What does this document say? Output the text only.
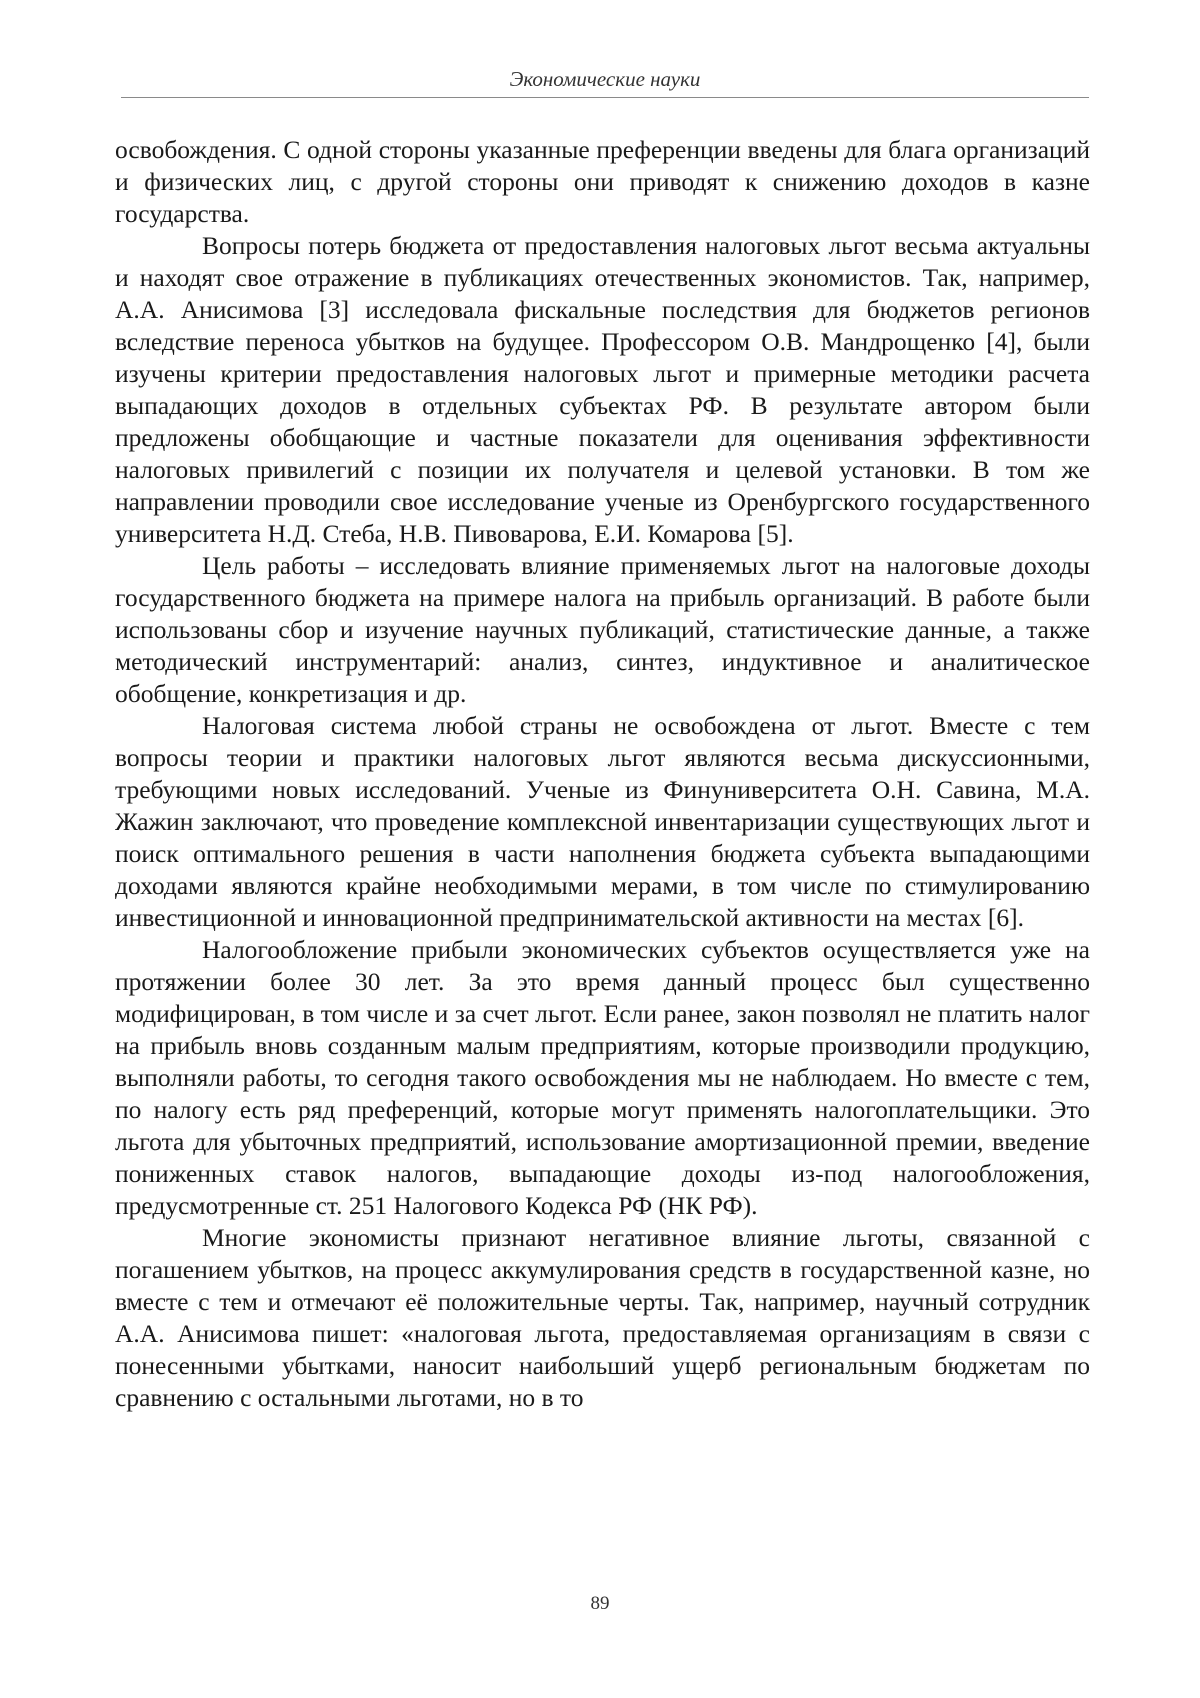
Экономические науки

освобождения. С одной стороны указанные преференции введены для блага организаций и физических лиц, с другой стороны они приводят к снижению доходов в казне государства.

Вопросы потерь бюджета от предоставления налоговых льгот весьма актуальны и находят свое отражение в публикациях отечественных экономистов. Так, например, А.А. Анисимова [3] исследовала фискальные последствия для бюджетов регионов вследствие переноса убытков на будущее. Профессором О.В. Мандрощенко [4], были изучены критерии предоставления налоговых льгот и примерные методики расчета выпадающих доходов в отдельных субъектах РФ. В результате автором были предложены обобщающие и частные показатели для оценивания эффективности налоговых привилегий с позиции их получателя и целевой установки. В том же направлении проводили свое исследование ученые из Оренбургского государственного университета Н.Д. Стеба, Н.В. Пивоварова, Е.И. Комарова [5].

Цель работы – исследовать влияние применяемых льгот на налоговые доходы государственного бюджета на примере налога на прибыль организаций. В работе были использованы сбор и изучение научных публикаций, статистические данные, а также методический инструментарий: анализ, синтез, индуктивное и аналитическое обобщение, конкретизация и др.

Налоговая система любой страны не освобождена от льгот. Вместе с тем вопросы теории и практики налоговых льгот являются весьма дискуссионными, требующими новых исследований. Ученые из Финуниверситета О.Н. Савина, М.А. Жажин заключают, что проведение комплексной инвентаризации существующих льгот и поиск оптимального решения в части наполнения бюджета субъекта выпадающими доходами являются крайне необходимыми мерами, в том числе по стимулированию инвестиционной и инновационной предпринимательской активности на местах [6].

Налогообложение прибыли экономических субъектов осуществляется уже на протяжении более 30 лет. За это время данный процесс был существенно модифицирован, в том числе и за счет льгот. Если ранее, закон позволял не платить налог на прибыль вновь созданным малым предприятиям, которые производили продукцию, выполняли работы, то сегодня такого освобождения мы не наблюдаем. Но вместе с тем, по налогу есть ряд преференций, которые могут применять налогоплательщики. Это льгота для убыточных предприятий, использование амортизационной премии, введение пониженных ставок налогов, выпадающие доходы из-под налогообложения, предусмотренные ст. 251 Налогового Кодекса РФ (НК РФ).

Многие экономисты признают негативное влияние льготы, связанной с погашением убытков, на процесс аккумулирования средств в государственной казне, но вместе с тем и отмечают её положительные черты. Так, например, научный сотрудник А.А. Анисимова пишет: «налоговая льгота, предоставляемая организациям в связи с понесенными убытками, наносит наибольший ущерб региональным бюджетам по сравнению с остальными льготами, но в то

89
